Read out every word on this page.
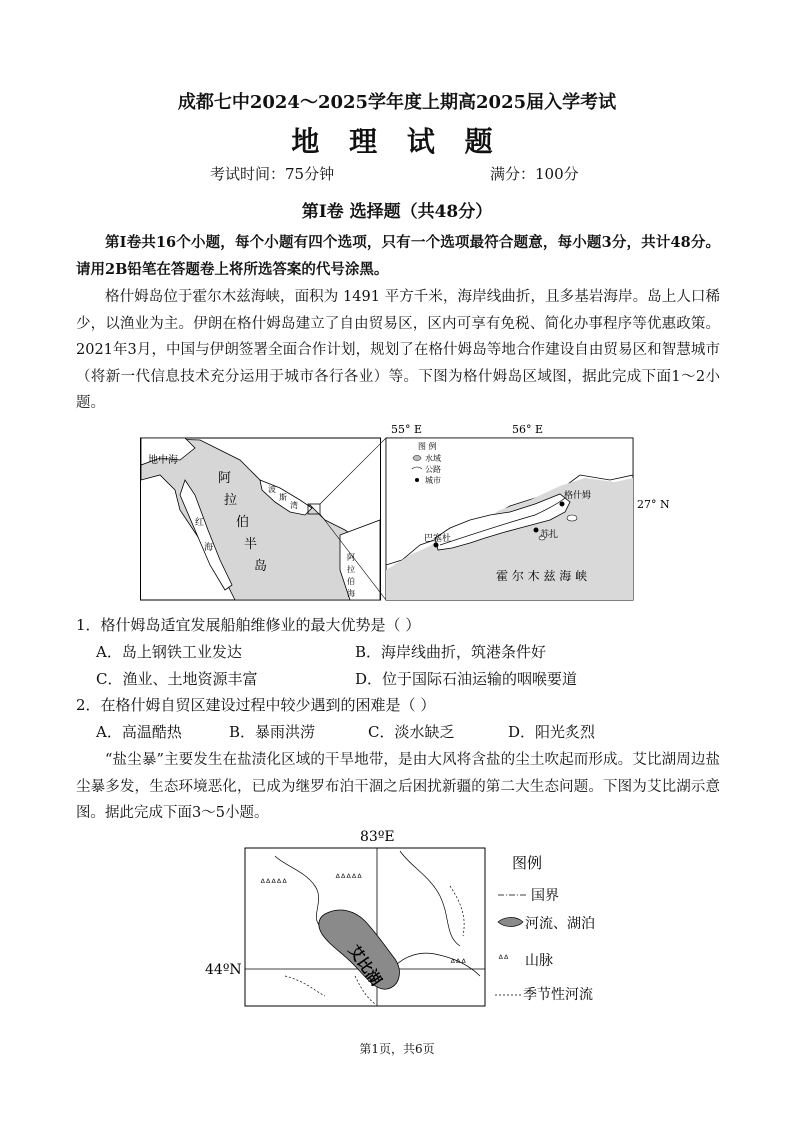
成都七中2024～2025学年度上期高2025届入学考试
地 理 试 题
考试时间：75分钟	满分：100分
第Ⅰ卷 选择题（共48分）
第Ⅰ卷共16个小题，每个小题有四个选项，只有一个选项最符合题意，每小题3分，共计48分。请用2B铅笔在答题卷上将所选答案的代号涂黑。
格什姆岛位于霍尔木兹海峡，面积为 1491 平方千米，海岸线曲折，且多基岩海岸。岛上人口稀少，以渔业为主。伊朗在格什姆岛建立了自由贸易区，区内可享有免税、简化办事程序等优惠政策。2021年3月，中国与伊朗签署全面合作计划，规划了在格什姆岛等地合作建设自由贸易区和智慧城市（将新一代信息技术充分运用于城市各行各业）等。下图为格什姆岛区域图，据此完成下面1～2小题。
地中海
阿
拉
伯
半
岛
红
海
波
斯
湾
阿
拉
伯
海
格什姆
巴塞杜	苏扎
霍 尔 木 兹 海 峡
图 例
水域
公路
城市
55° E	56° E
27° N
1．格什姆岛适宜发展船舶维修业的最大优势是（ ）
A．岛上钢铁工业发达	B．海岸线曲折，筑港条件好
C．渔业、土地资源丰富	D．位于国际石油运输的咽喉要道
2．在格什姆自贸区建设过程中较少遇到的困难是（ ）
A．高温酷热	B．暴雨洪涝	C．淡水缺乏	D．阳光炙烈
“盐尘暴”主要发生在盐渍化区域的干旱地带，是由大风将含盐的尘土吹起而形成。艾比湖周边盐尘暴多发，生态环境恶化，已成为继罗布泊干涸之后困扰新疆的第二大生态问题。下图为艾比湖示意图。据此完成下面3～5小题。
艾比湖
ᐞᐞᐞᐞᐞ	ᐞᐞᐞᐞᐞ
ᐞᐞᐞ
83ºE
44ºN
图例
国界
河流、湖泊
ᐞᐞ 山脉
季节性河流
第1页，共6页
